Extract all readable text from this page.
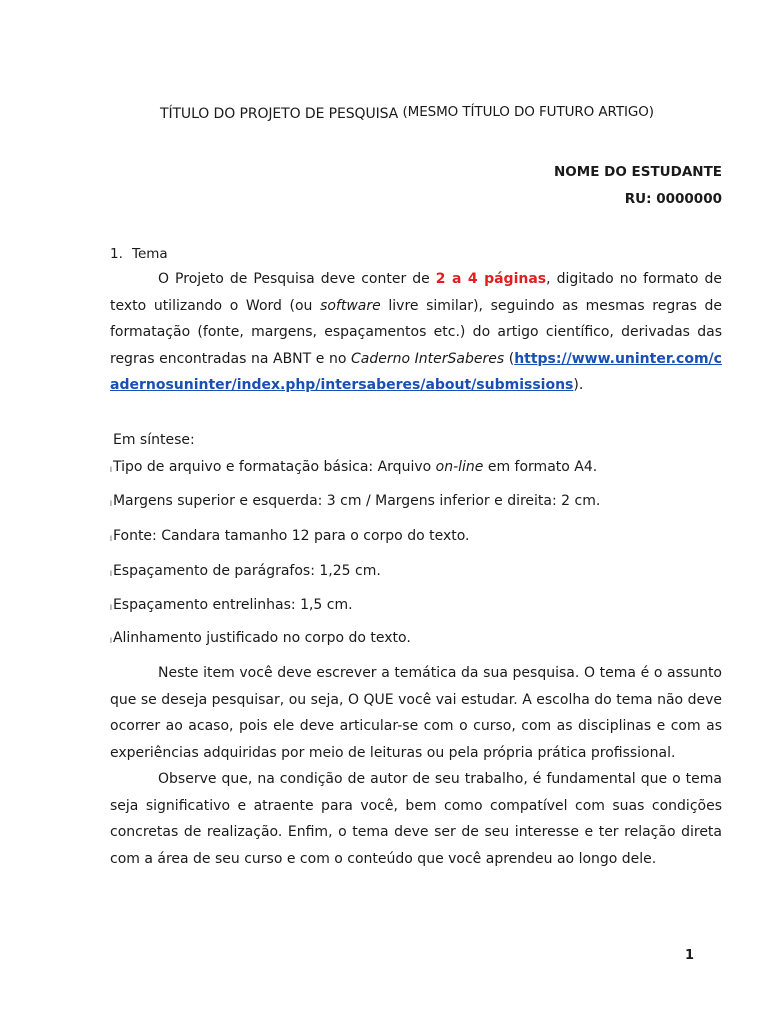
TÍTULO DO PROJETO DE PESQUISA (MESMO TÍTULO DO FUTURO ARTIGO)
NOME DO ESTUDANTE
RU: 0000000
1. Tema
O Projeto de Pesquisa deve conter de 2 a 4 páginas, digitado no formato de texto utilizando o Word (ou software livre similar), seguindo as mesmas regras de formatação (fonte, margens, espaçamentos etc.) do artigo científico, derivadas das regras encontradas na ABNT e no Caderno InterSaberes (https://www.uninter.com/cadernosuninter/index.php/intersaberes/about/submissions).
Em síntese:
lTipo de arquivo e formatação básica: Arquivo on-line em formato A4.
lMargens superior e esquerda: 3 cm / Margens inferior e direita: 2 cm.
lFonte: Candara tamanho 12 para o corpo do texto.
lEspaçamento de parágrafos: 1,25 cm.
lEspaçamento entrelinhas: 1,5 cm.
lAlinhamento justificado no corpo do texto.
Neste item você deve escrever a temática da sua pesquisa. O tema é o assunto que se deseja pesquisar, ou seja, O QUE você vai estudar. A escolha do tema não deve ocorrer ao acaso, pois ele deve articular-se com o curso, com as disciplinas e com as experiências adquiridas por meio de leituras ou pela própria prática profissional.
Observe que, na condição de autor de seu trabalho, é fundamental que o tema seja significativo e atraente para você, bem como compatível com suas condições concretas de realização. Enfim, o tema deve ser de seu interesse e ter relação direta com a área de seu curso e com o conteúdo que você aprendeu ao longo dele.
1
